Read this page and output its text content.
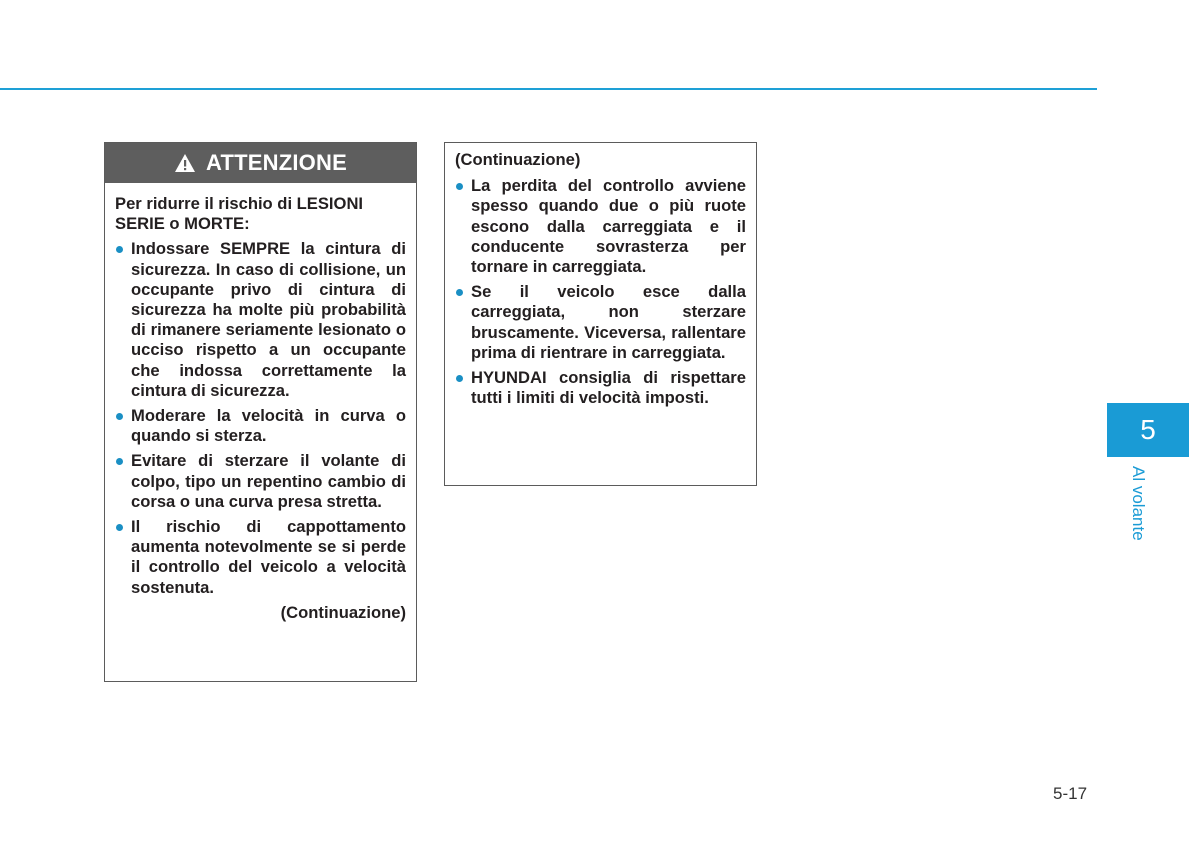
ATTENZIONE
Per ridurre il rischio di LESIONI SERIE o MORTE:
Indossare SEMPRE la cintura di sicurezza. In caso di collisione, un occupante privo di cintura di sicurezza ha molte più probabilità di rimanere seriamente lesionato o ucciso rispetto a un occupante che indossa correttamente la cintura di sicurezza.
Moderare la velocità in curva o quando si sterza.
Evitare di sterzare il volante di colpo, tipo un repentino cambio di corsa o una curva presa stretta.
Il rischio di cappottamento aumenta notevolmente se si perde il controllo del veicolo a velocità sostenuta.
(Continuazione)
(Continuazione)
La perdita del controllo avviene spesso quando due o più ruote escono dalla carreggiata e il conducente sovrasterza per tornare in carreggiata.
Se il veicolo esce dalla carreggiata, non sterzare bruscamente. Viceversa, rallentare prima di rientrare in carreggiata.
HYUNDAI consiglia di rispettare tutti i limiti di velocità imposti.
5
Al volante
5-17
